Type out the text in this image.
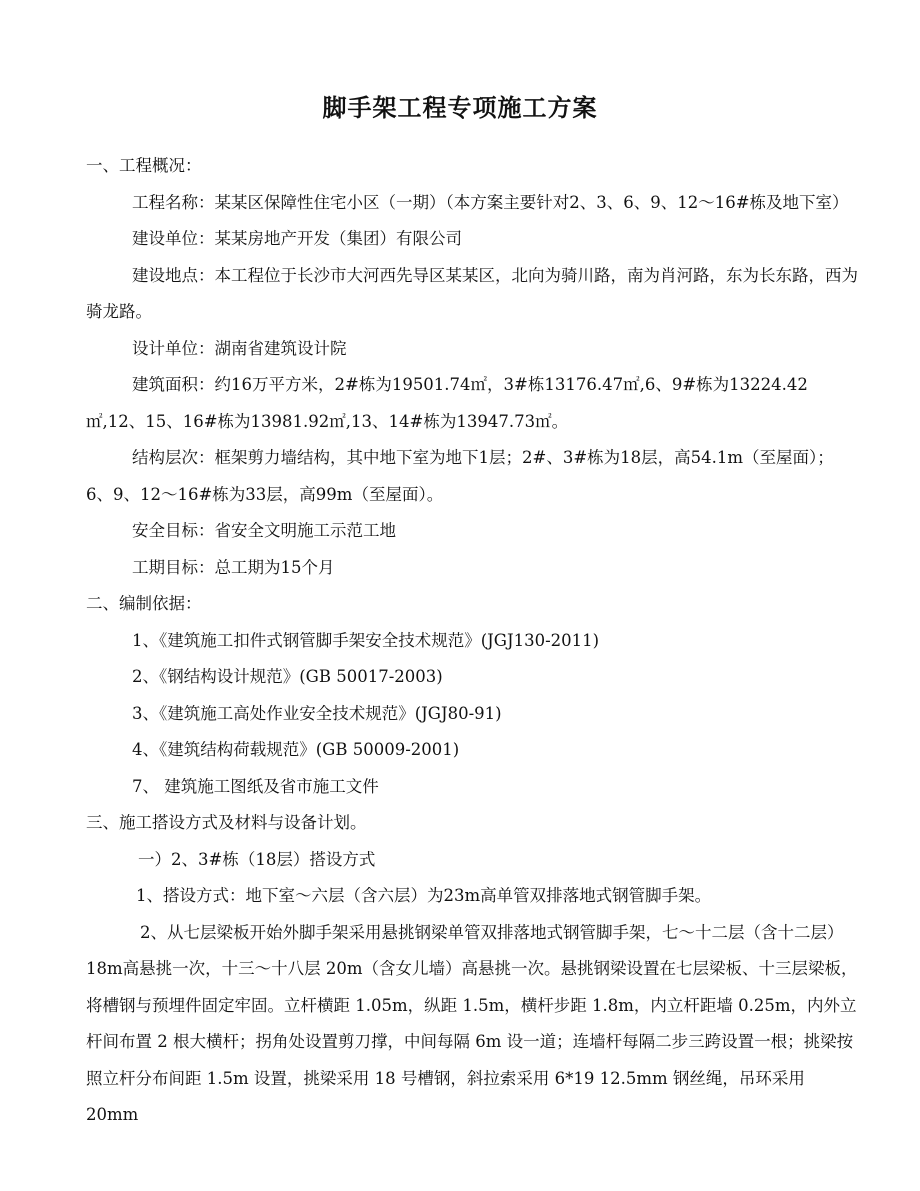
脚手架工程专项施工方案

一、工程概况：

工程名称：某某区保障性住宅小区（一期）（本方案主要针对2、3、6、9、12～16#栋及地下室）

建设单位：某某房地产开发（集团）有限公司

建设地点：本工程位于长沙市大河西先导区某某区，北向为骑川路，南为肖河路，东为长东路，西为骑龙路。

设计单位：湖南省建筑设计院

建筑面积：约16万平方米，2#栋为19501.74㎡，3#栋13176.47㎡,6、9#栋为13224.42㎡,12、15、16#栋为13981.92㎡,13、14#栋为13947.73㎡。

结构层次：框架剪力墙结构，其中地下室为地下1层；2#、3#栋为18层，高54.1m（至屋面）；6、9、12～16#栋为33层，高99m（至屋面）。

安全目标：省安全文明施工示范工地

工期目标：总工期为15个月

二、编制依据：

1、《建筑施工扣件式钢管脚手架安全技术规范》(JGJ130-2011)

2、《钢结构设计规范》(GB 50017-2003)

3、《建筑施工高处作业安全技术规范》(JGJ80-91)

4、《建筑结构荷载规范》(GB 50009-2001)

7、 建筑施工图纸及省市施工文件

三、施工搭设方式及材料与设备计划。

一）2、3#栋（18层）搭设方式

1、搭设方式：地下室～六层（含六层）为23m高单管双排落地式钢管脚手架。

2、从七层梁板开始外脚手架采用悬挑钢梁单管双排落地式钢管脚手架，七～十二层（含十二层）18m高悬挑一次，十三～十八层 20m（含女儿墙）高悬挑一次。悬挑钢梁设置在七层梁板、十三层梁板，将槽钢与预埋件固定牢固。立杆横距 1.05m，纵距 1.5m，横杆步距 1.8m，内立杆距墙 0.25m，内外立杆间布置 2 根大横杆；拐角处设置剪刀撑，中间每隔 6m 设一道；连墙杆每隔二步三跨设置一根；挑梁按照立杆分布间距 1.5m 设置，挑梁采用 18 号槽钢，斜拉索采用 6*19 12.5mm 钢丝绳，吊环采用 20mm
